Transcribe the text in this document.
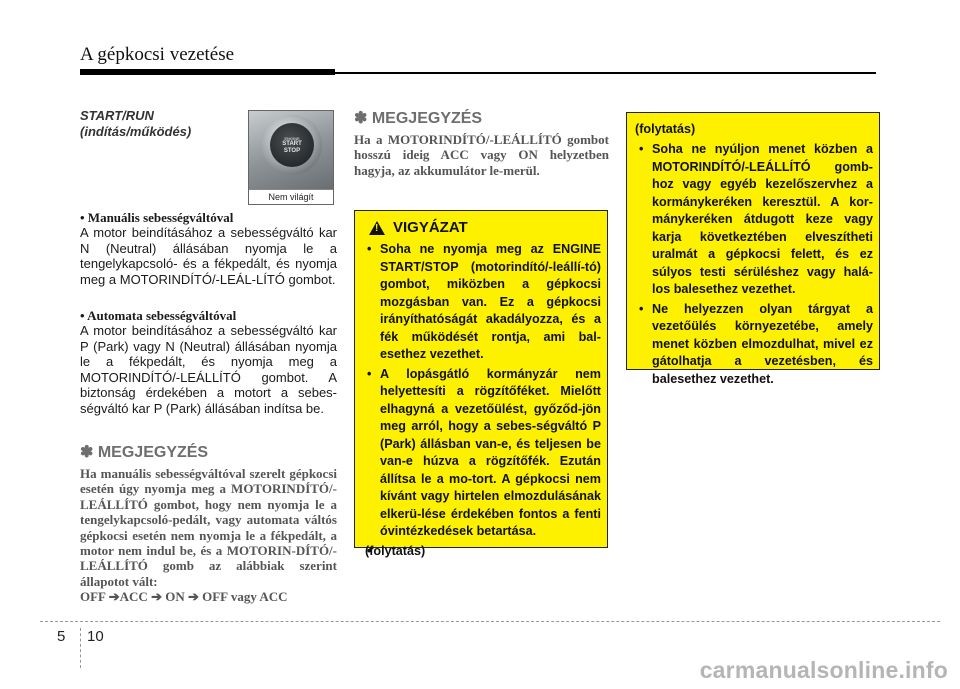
A gépkocsi vezetése
START/RUN
(indítás/működés)	ENGINE
START
STOP
Nem világít
• Manuális sebességváltóval
A motor beindításához a sebességváltó kar N (Neutral) állásában nyomja le a tengelykapcsoló- és a fékpedált, és nyomja meg a MOTORINDÍTÓ/-LEÁL-LÍTÓ gombot.
• Automata sebességváltóval
A motor beindításához a sebességváltó kar P (Park) vagy N (Neutral) állásában nyomja le a fékpedált, és nyomja meg a MOTORINDÍTÓ/-LEÁLLÍTÓ gombot. A biztonság érdekében a motort a sebes-ségváltó kar P (Park) állásában indítsa be.
✽ MEGJEGYZÉS
Ha manuális sebességváltóval szerelt gépkocsi esetén úgy nyomja meg a MOTORINDÍTÓ/-LEÁLLÍTÓ gombot, hogy nem nyomja le a tengelykapcsoló-pedált, vagy automata váltós gépkocsi esetén nem nyomja le a fékpedált, a motor nem indul be, és a MOTORIN-DÍTÓ/-LEÁLLÍTÓ gomb az alábbiak szerint állapotot vált:
OFF ➔ACC ➔ ON ➔ OFF vagy ACC
✽ MEGJEGYZÉS
Ha a MOTORINDÍTÓ/-LEÁLLÍTÓ gombot hosszú ideig ACC vagy ON helyzetben hagyja, az akkumulátor le-merül.
! VIGYÁZAT
• Soha ne nyomja meg az ENGINE START/STOP (motorindító/-leállí-tó) gombot, miközben a gépkocsi mozgásban van. Ez a gépkocsi irányíthatóságát akadályozza, és a fék működését rontja, ami bal-esethez vezethet.
• A lopásgátló kormányzár nem helyettesíti a rögzítőféket. Mielőtt elhagyná a vezetőülést, győződ-jön meg arról, hogy a sebes-ségváltó P (Park) állásban van-e, és teljesen be van-e húzva a rögzítőfék. Ezután állítsa le a mo-tort. A gépkocsi nem kívánt vagy hirtelen elmozdulásának elkerü-lése érdekében fontos a fenti óvintézkedések betartása.
• (folytatás)
(folytatás)
• Soha ne nyúljon menet közben a MOTORINDÍTÓ/-LEÁLLÍTÓ gomb-hoz vagy egyéb kezelőszervhez a kormánykeréken keresztül. A kor-mánykeréken átdugott keze vagy karja következtében elveszítheti uralmát a gépkocsi felett, és ez súlyos testi sérüléshez vagy halá-los balesethez vezethet.
• Ne helyezzen olyan tárgyat a vezetőülés környezetébe, amely menet közben elmozdulhat, mivel ez gátolhatja a vezetésben, és balesethez vezethet.
5 10
carmanualsonline.info
